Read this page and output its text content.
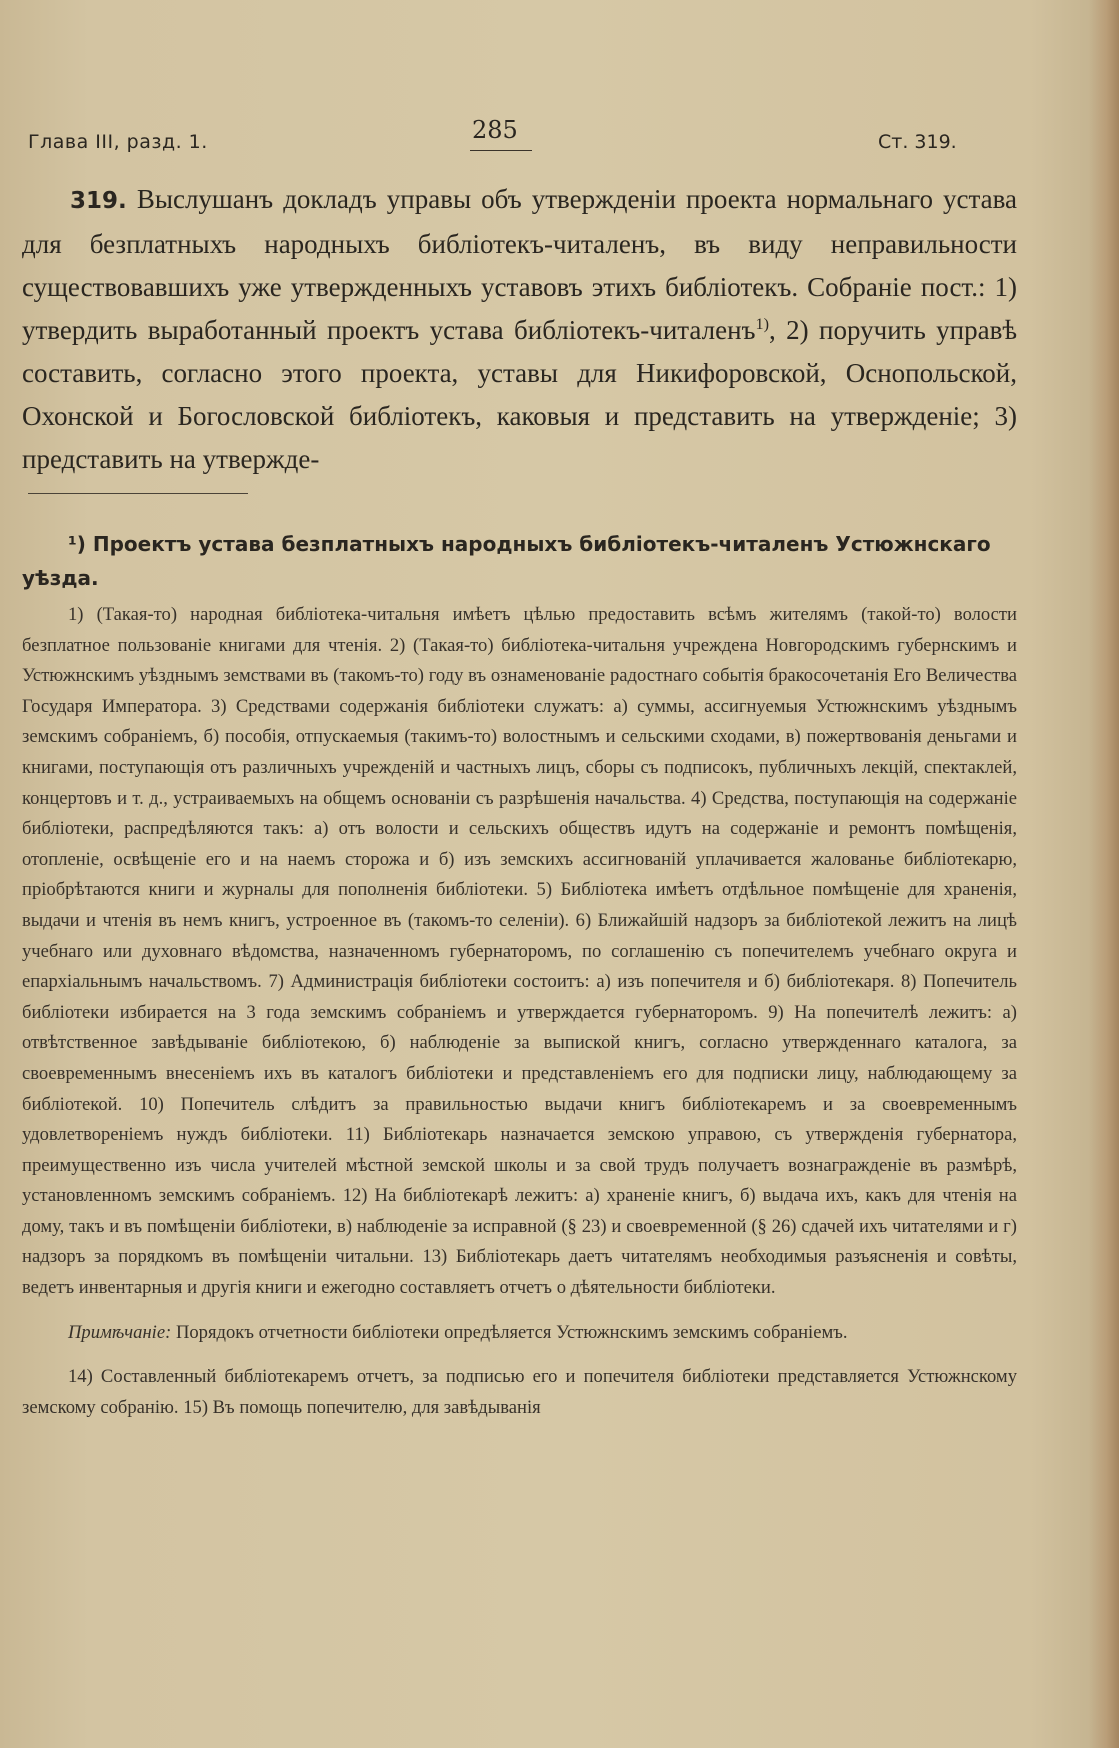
Глава III, разд. 1.	285	Ст. 319.

319. Выслушанъ докладъ управы объ утвержденіи проекта нормальнаго устава для безплатныхъ народныхъ библіотекъ-читаленъ, въ виду неправильности существовавшихъ уже утвержденныхъ уставовъ этихъ библіотекъ. Собраніе пост.: 1) утвердить выработанный проектъ устава библіотекъ-читаленъ$^{1)}$, 2) поручить управѣ составить, согласно этого проекта, уставы для Никифоровской, Оснопольской, Охонской и Богословской библіотекъ, каковыя и представить на утвержденіе; 3) представить на утвержде-

¹) Проектъ устава безплатныхъ народныхъ библіотекъ-читаленъ Устюжнскаго уѣзда.

1) (Такая-то) народная библіотека-читальня имѣетъ цѣлью предоставить всѣмъ жителямъ (такой-то) волости безплатное пользованіе книгами для чтенія. 2) (Такая-то) библіотека-читальня учреждена Новгородскимъ губернскимъ и Устюжнскимъ уѣзднымъ земствами въ (такомъ-то) году въ ознаменованіе радостнаго событія бракосочетанія Его Величества Государя Императора. 3) Средствами содержанія библіотеки служатъ: а) суммы, ассигнуемыя Устюжнскимъ уѣзднымъ земскимъ собраніемъ, б) пособія, отпускаемыя (такимъ-то) волостнымъ и сельскими сходами, в) пожертвованія деньгами и книгами, поступающія отъ различныхъ учрежденій и частныхъ лицъ, сборы съ подписокъ, публичныхъ лекцій, спектаклей, концертовъ и т. д., устраиваемыхъ на общемъ основаніи съ разрѣшенія начальства. 4) Средства, поступающія на содержаніе библіотеки, распредѣляются такъ: а) отъ волости и сельскихъ обществъ идутъ на содержаніе и ремонтъ помѣщенія, отопленіе, освѣщеніе его и на наемъ сторожа и б) изъ земскихъ ассигнованій уплачивается жалованье библіотекарю, пріобрѣтаются книги и журналы для пополненія библіотеки. 5) Библіотека имѣетъ отдѣльное помѣщеніе для храненія, выдачи и чтенія въ немъ книгъ, устроенное въ (такомъ-то селеніи). 6) Ближайшій надзоръ за библіотекой лежитъ на лицѣ учебнаго или духовнаго вѣдомства, назначенномъ губернаторомъ, по соглашенію съ попечителемъ учебнаго округа и епархіальнымъ начальствомъ. 7) Администрація библіотеки состоитъ: а) изъ попечителя и б) библіотекаря. 8) Попечитель библіотеки избирается на 3 года земскимъ собраніемъ и утверждается губернаторомъ. 9) На попечителѣ лежитъ: а) отвѣтственное завѣдываніе библіотекою, б) наблюденіе за выпиской книгъ, согласно утвержденнаго каталога, за своевременнымъ внесеніемъ ихъ въ каталогъ библіотеки и представленіемъ его для подписки лицу, наблюдающему за библіотекой. 10) Попечитель слѣдитъ за правильностью выдачи книгъ библіотекаремъ и за своевременнымъ удовлетвореніемъ нуждъ библіотеки. 11) Библіотекарь назначается земскою управою, съ утвержденія губернатора, преимущественно изъ числа учителей мѣстной земской школы и за свой трудъ получаетъ вознагражденіе въ размѣрѣ, установленномъ земскимъ собраніемъ. 12) На библіотекарѣ лежитъ: а) храненіе книгъ, б) выдача ихъ, какъ для чтенія на дому, такъ и въ помѣщеніи библіотеки, в) наблюденіе за исправной (§ 23) и своевременной (§ 26) сдачей ихъ читателями и г) надзоръ за порядкомъ въ помѣщеніи читальни. 13) Библіотекарь даетъ читателямъ необходимыя разъясненія и совѣты, ведетъ инвентарныя и другія книги и ежегодно составляетъ отчетъ о дѣятельности библіотеки.

Примѣчаніе: Порядокъ отчетности библіотеки опредѣляется Устюжнскимъ земскимъ собраніемъ.

14) Составленный библіотекаремъ отчетъ, за подписью его и попечителя библіотеки представляется Устюжнскому земскому собранію. 15) Въ помощь попечителю, для завѣдыванія
